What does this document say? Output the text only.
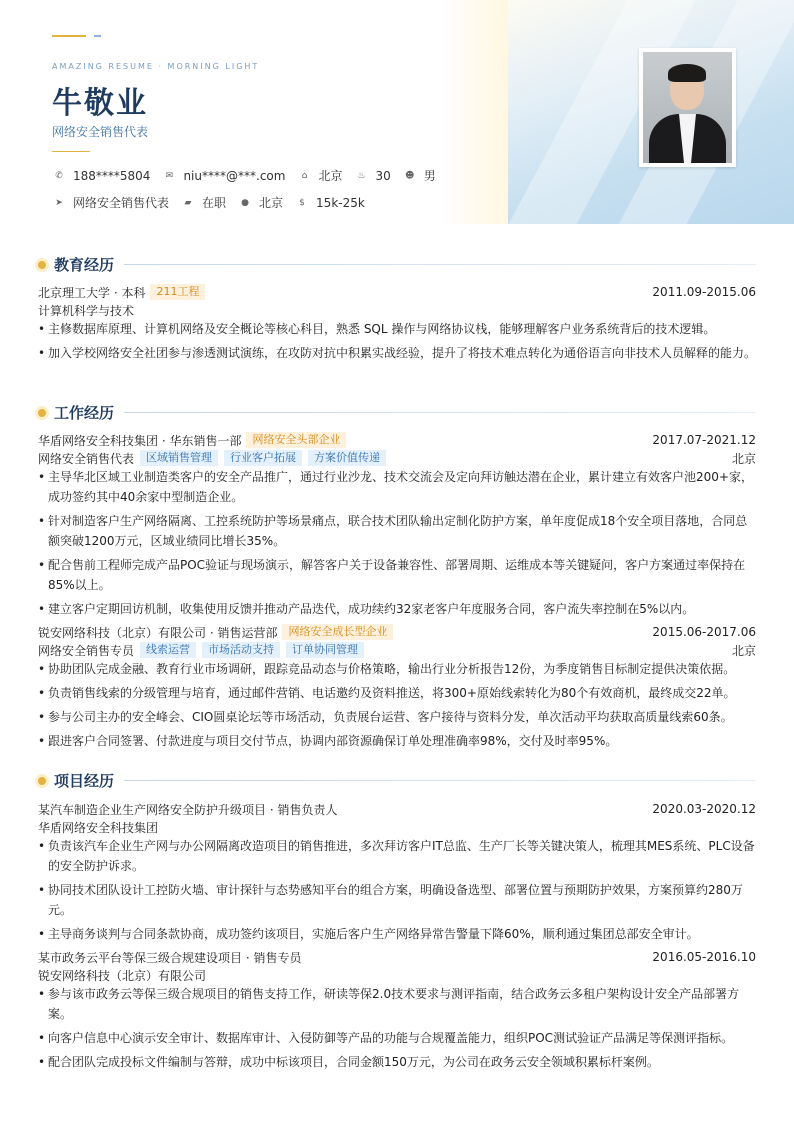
AMAZING RESUME · MORNING LIGHT
牛敬业
网络安全销售代表
✆ 188****5804	✉ niu****@***.com	⌂ 北京	♨ 30 ☻ 男
➤ 网络安全销售代表	▰ 在职	● 北京	$ 15k-25k
教育经历
北京理工大学 · 本科	211工程	2011.09-2015.06
计算机科学与技术
• 主修数据库原理、计算机网络及安全概论等核心科目，熟悉 SQL 操作与网络协议栈，能够理解客户业务系统背后的技术逻辑。
• 加入学校网络安全社团参与渗透测试演练，在攻防对抗中积累实战经验，提升了将技术难点转化为通俗语言向非技术人员解释的能力。
工作经历
华盾网络安全科技集团 · 华东销售一部	网络安全头部企业	2017.07-2021.12
网络安全销售代表	区域销售管理	行业客户拓展	方案价值传递	北京
• 主导华北区域工业制造类客户的安全产品推广，通过行业沙龙、技术交流会及定向拜访触达潜在企业，累计建立有效客户池200+家，成功签约其中40余家中型制造企业。
• 针对制造客户生产网络隔离、工控系统防护等场景痛点，联合技术团队输出定制化防护方案，单年度促成18个安全项目落地，合同总额突破1200万元，区域业绩同比增长35%。
• 配合售前工程师完成产品POC验证与现场演示，解答客户关于设备兼容性、部署周期、运维成本等关键疑问，客户方案通过率保持在85%以上。
• 建立客户定期回访机制，收集使用反馈并推动产品迭代，成功续约32家老客户年度服务合同，客户流失率控制在5%以内。
锐安网络科技（北京）有限公司 · 销售运营部	网络安全成长型企业	2015.06-2017.06
网络安全销售专员	线索运营	市场活动支持	订单协同管理	北京
• 协助团队完成金融、教育行业市场调研，跟踪竞品动态与价格策略，输出行业分析报告12份，为季度销售目标制定提供决策依据。
• 负责销售线索的分级管理与培育，通过邮件营销、电话邀约及资料推送，将300+原始线索转化为80个有效商机，最终成交22单。
• 参与公司主办的安全峰会、CIO圆桌论坛等市场活动，负责展台运营、客户接待与资料分发，单次活动平均获取高质量线索60条。
• 跟进客户合同签署、付款进度与项目交付节点，协调内部资源确保订单处理准确率98%，交付及时率95%。
项目经历
某汽车制造企业生产网络安全防护升级项目 · 销售负责人	2020.03-2020.12
华盾网络安全科技集团
• 负责该汽车企业生产网与办公网隔离改造项目的销售推进，多次拜访客户IT总监、生产厂长等关键决策人，梳理其MES系统、PLC设备的安全防护诉求。
• 协同技术团队设计工控防火墙、审计探针与态势感知平台的组合方案，明确设备选型、部署位置与预期防护效果，方案预算约280万元。
• 主导商务谈判与合同条款协商，成功签约该项目，实施后客户生产网络异常告警量下降60%，顺利通过集团总部安全审计。
某市政务云平台等保三级合规建设项目 · 销售专员	2016.05-2016.10
锐安网络科技（北京）有限公司
• 参与该市政务云等保三级合规项目的销售支持工作，研读等保2.0技术要求与测评指南，结合政务云多租户架构设计安全产品部署方案。
• 向客户信息中心演示安全审计、数据库审计、入侵防御等产品的功能与合规覆盖能力，组织POC测试验证产品满足等保测评指标。
• 配合团队完成投标文件编制与答辩，成功中标该项目，合同金额150万元，为公司在政务云安全领域积累标杆案例。
